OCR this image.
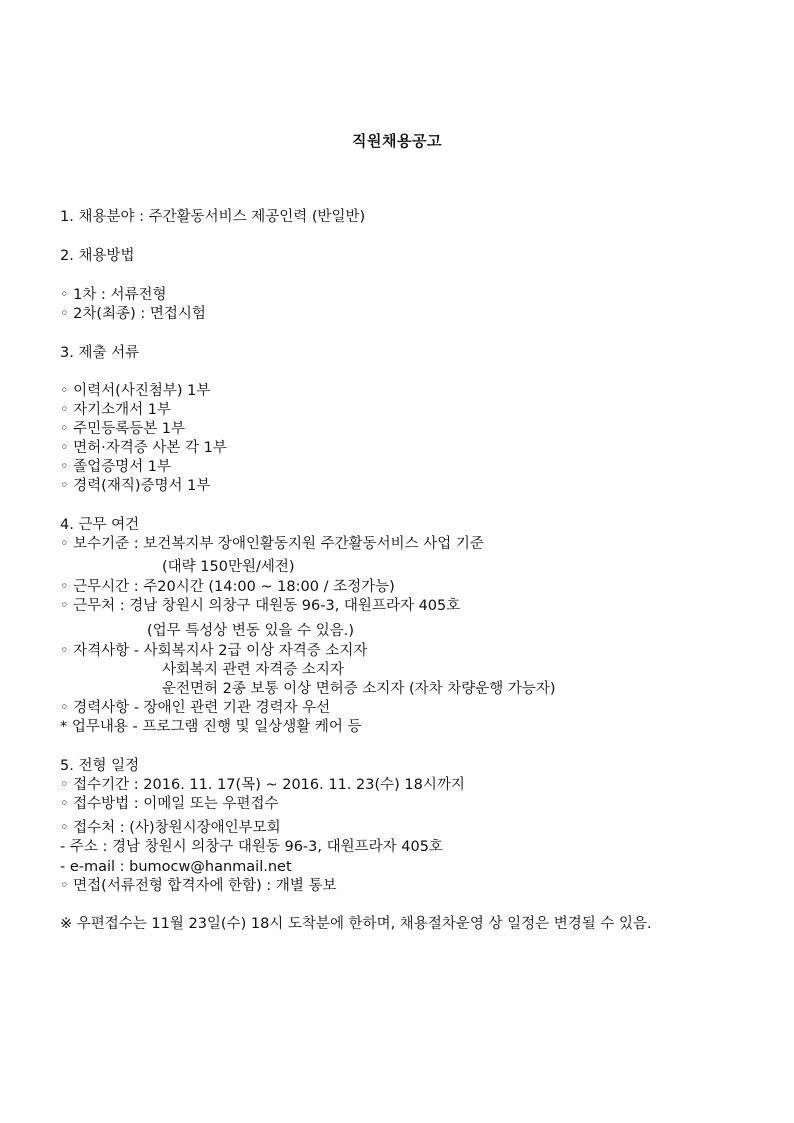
직원채용공고
1. 채용분야 : 주간활동서비스 제공인력 (반일반)
2. 채용방법
◦ 1차 : 서류전형
◦ 2차(최종) : 면접시험
3. 제출 서류
◦ 이력서(사진첨부) 1부
◦ 자기소개서 1부
◦ 주민등록등본 1부
◦ 면허·자격증 사본 각 1부
◦ 졸업증명서 1부
◦ 경력(재직)증명서 1부
4. 근무 여건
◦ 보수기준 : 보건복지부 장애인활동지원 주간활동서비스 사업 기준
(대략 150만원/세전)
◦ 근무시간 : 주20시간 (14:00 ~ 18:00 / 조정가능)
◦ 근무처 : 경남 창원시 의창구 대원동 96-3, 대원프라자 405호
(업무 특성상 변동 있을 수 있음.)
◦ 자격사항 - 사회복지사 2급 이상 자격증 소지자
사회복지 관련 자격증 소지자
운전면허 2종 보통 이상 면허증 소지자 (자차 차량운행 가능자)
◦ 경력사항 - 장애인 관련 기관 경력자 우선
* 업무내용 - 프로그램 진행 및 일상생활 케어 등
5. 전형 일정
◦ 접수기간 : 2016. 11. 17(목) ~ 2016. 11. 23(수) 18시까지
◦ 접수방법 : 이메일 또는 우편접수
◦ 접수처 : (사)창원시장애인부모회
- 주소 : 경남 창원시 의창구 대원동 96-3, 대원프라자 405호
- e-mail : bumocw@hanmail.net
◦ 면접(서류전형 합격자에 한함) : 개별 통보
※ 우편접수는 11월 23일(수) 18시 도착분에 한하며, 채용절차운영 상 일정은 변경될 수 있음.
